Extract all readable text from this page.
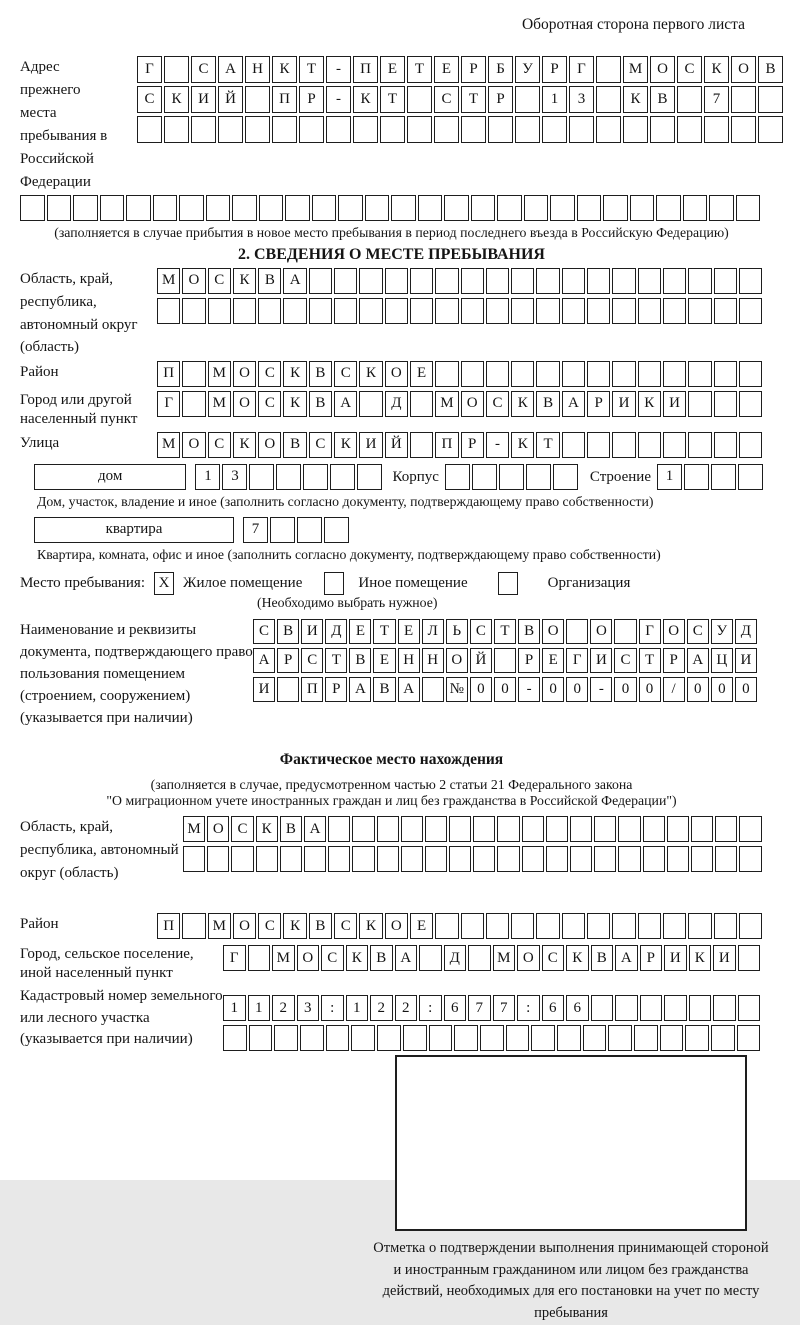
Оборотная сторона первого листа
Адрес прежнего места пребывания в Российской Федерации
Г	С	А	Н	К	Т	-	П	Е	Т	Е	Р	Б	У	Р	Г	М О	С	К	О	В
С	К	И	Й	П	Р	-	К	Т	С	Т	Р	1	3	К	В	7
(заполняется в случае прибытия в новое место пребывания в период последнего въезда в Российскую Федерацию)
2. СВЕДЕНИЯ О МЕСТЕ ПРЕБЫВАНИЯ
Область, край, республика, автономный округ (область)
М О С	К	В А
Район	П	М О С	К	В	С	К О	Е
Город или другой населенный пункт
Г	М О С	К	В А	Д	М О С	К	В А	Р	И К И
Улица	М О С	К О В	С	К И Й	П	Р	-	К	Т
дом	1	3	Корпус	Строение 1
Дом, участок, владение и иное (заполнить согласно документу, подтверждающему право собственности)
квартира	7
Квартира, комната, офис и иное (заполнить согласно документу, подтверждающему право собственности)
Место пребывания: X Жилое помещение	Иное помещение	Организация
(Необходимо выбрать нужное)
Наименование и реквизиты документа, подтверждающего право пользования помещением (строением, сооружением) (указывается при наличии)
С В И Д Е Т Е Л Ь С Т В О	О	Г О С У Д
А Р С Т В Е Н Н О Й	Р	Е	Г И С Т	Р А Ц И
И	П Р А В А	№ 0	0	-	0	0	-	0	0	/	0	0	0
Фактическое место нахождения
(заполняется в случае, предусмотренном частью 2 статьи 21 Федерального закона
"О миграционном учете иностранных граждан и лиц без гражданства в Российской Федерации")
Область, край, республика, автономный округ (область)
М О С К В А
Район	П	М О С	К	В	С	К О	Е
Город, сельское поселение, иной населенный пункт
Г	М О С К В А	Д	М О С К В А Р И К И
Кадастровый номер земельного или лесного участка (указывается при наличии)
1	1	2	3	:	1	2	2	:	6	7	7	:	6	6
Отметка о подтверждении выполнения принимающей стороной и иностранным гражданином или лицом без гражданства действий, необходимых для его постановки на учет по месту пребывания
